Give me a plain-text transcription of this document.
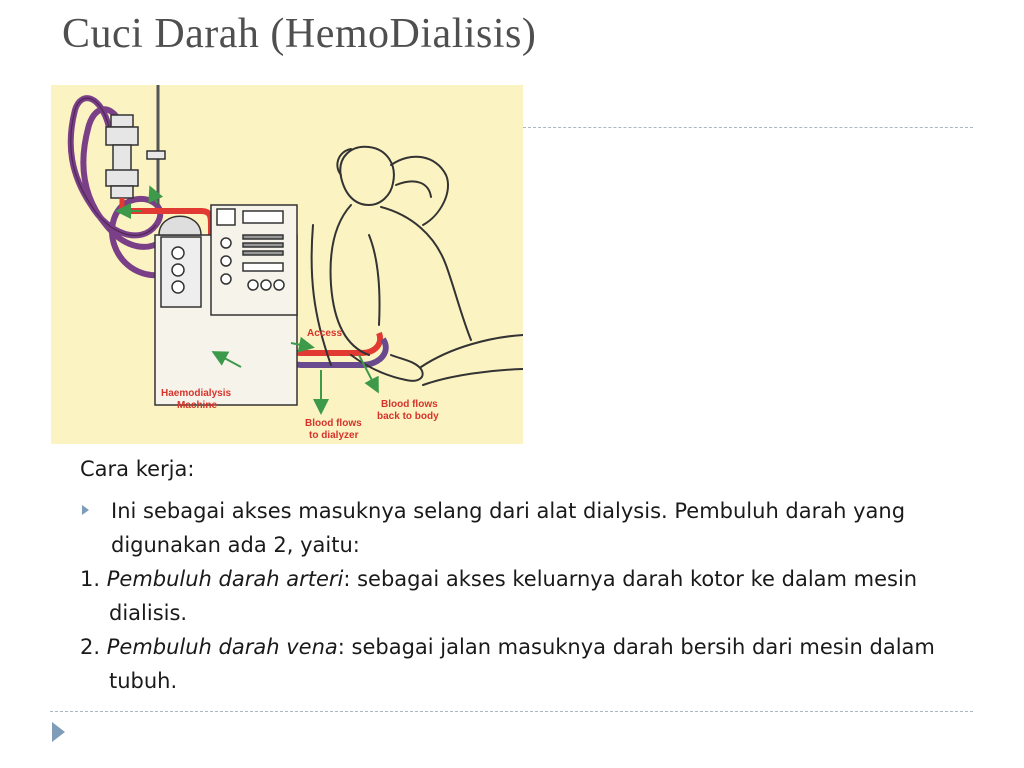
Cuci Darah (HemoDialisis)
Access
Haemodialysis
Machine
Blood flows
to dialyzer
Blood flows
back to body

Cara kerja:

Ini sebagai akses masuknya selang dari alat dialysis. Pembuluh darah yang digunakan ada 2, yaitu:

1. Pembuluh darah arteri: sebagai akses keluarnya darah kotor ke dalam mesin dialisis.

2. Pembuluh darah vena: sebagai jalan masuknya darah bersih dari mesin dalam tubuh.
